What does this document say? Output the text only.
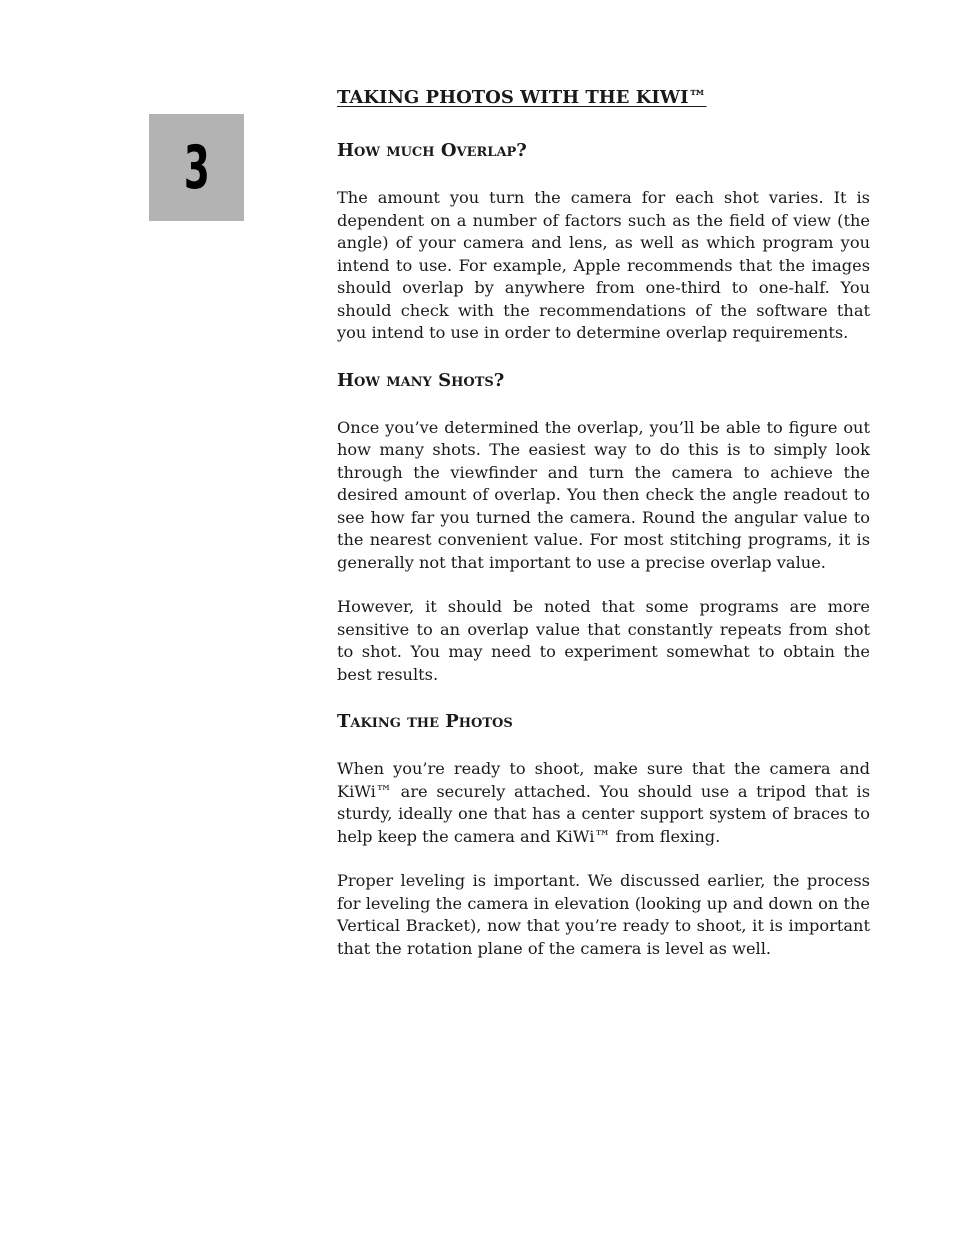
3
TAKING PHOTOS WITH THE KIWI™
How much Overlap?

The amount you turn the camera for each shot varies. It is dependent on a number of factors such as the field of view (the angle) of your camera and lens, as well as which program you intend to use. For example, Apple recommends that the images should overlap by anywhere from one-third to one-half. You should check with the recommendations of the software that you intend to use in order to determine overlap requirements.

How many Shots?

Once you’ve determined the overlap, you’ll be able to figure out how many shots. The easiest way to do this is to simply look through the viewfinder and turn the camera to achieve the desired amount of overlap. You then check the angle readout to see how far you turned the camera. Round the angular value to the nearest convenient value. For most stitching programs, it is generally not that important to use a precise overlap value.

However, it should be noted that some programs are more sensitive to an overlap value that constantly repeats from shot to shot. You may need to experiment somewhat to obtain the best results.

Taking the Photos

When you’re ready to shoot, make sure that the camera and KiWi™ are securely attached. You should use a tripod that is sturdy, ideally one that has a center support system of braces to help keep the camera and KiWi™ from flexing.

Proper leveling is important. We discussed earlier, the process for leveling the camera in elevation (looking up and down on the Vertical Bracket), now that you’re ready to shoot, it is important that the rotation plane of the camera is level as well.
